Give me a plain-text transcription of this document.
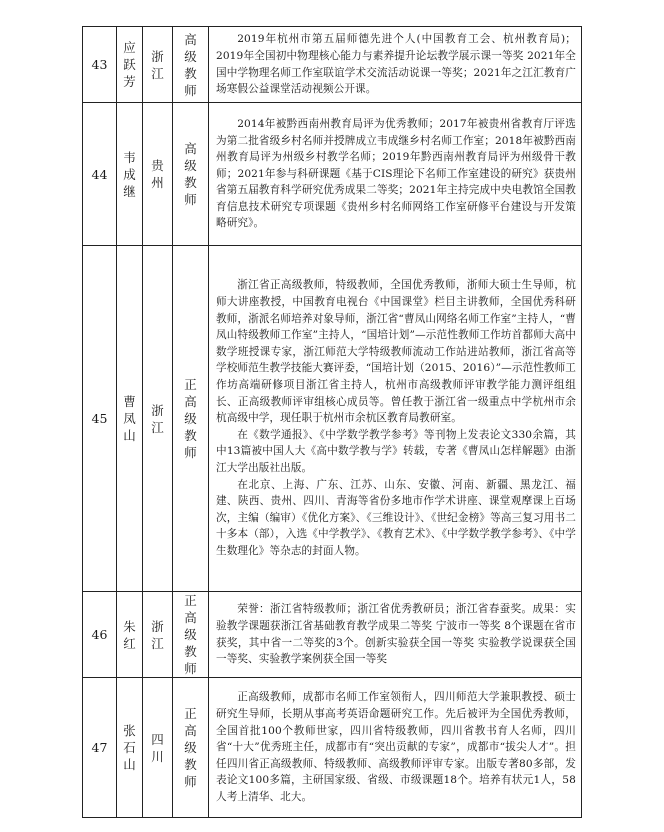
43	应跃芳	浙江	高级教师	2019年杭州市第五届师德先进个人(中国教育工会、杭州教育局)；2019年全国初中物理核心能力与素养提升论坛教学展示课一等奖 2021年全国中学物理名师工作室联谊学术交流活动说课一等奖；2021年之江汇教育广场寒假公益课堂活动视频公开课。

44	韦成继	贵州	高级教师	2014年被黔西南州教育局评为优秀教师；2017年被贵州省教育厅评选为第二批省级乡村名师并授牌成立韦成继乡村名师工作室；2018年被黔西南州教育局评为州级乡村教学名师；2019年黔西南州教育局评为州级骨干教师；2021年参与科研课题《基于CIS理论下名师工作室建设的研究》获贵州省第五届教育科学研究优秀成果二等奖；2021年主持完成中央电教馆全国教育信息技术研究专项课题《贵州乡村名师网络工作室研修平台建设与开发策略研究》。

45	曹凤山	浙江	正高级教师	浙江省正高级教师，特级教师，全国优秀教师，浙师大硕士生导师，杭师大讲座教授，中国教育电视台《中国课堂》栏目主讲教师，全国优秀科研教师，浙派名师培养对象导师，浙江省“曹凤山网络名师工作室”主持人，“曹凤山特级教师工作室”主持人，“国培计划”—示范性教师工作坊首都师大高中数学班授课专家，浙江师范大学特级教师流动工作站进站教师，浙江省高等学校师范生教学技能大赛评委，“国培计划（2015、2016）”—示范性教师工作坊高端研修项目浙江省主持人，杭州市高级教师评审教学能力测评组组长、正高级教师评审组核心成员等。曾任教于浙江省一级重点中学杭州市余杭高级中学，现任职于杭州市余杭区教育局教研室。

在《数学通报》、《中学数学教学参考》等刊物上发表论文330余篇，其中13篇被中国人大《高中数学教与学》转载，专著《曹凤山怎样解题》由浙江大学出版社出版。

在北京、上海、广东、江苏、山东、安徽、河南、新疆、黑龙江、福建、陕西、贵州、四川、青海等省份多地市作学术讲座、课堂观摩课上百场次，主编（编审）《优化方案》、《三维设计》、《世纪金榜》等高三复习用书二十多本（部），入选《中学教学》、《教育艺术》、《中学数学教学参考》、《中学生数理化》等杂志的封面人物。

46	朱红	浙江	正高级教师	荣誉：浙江省特级教师；浙江省优秀教研员；浙江省春蚕奖。成果：实验教学课题获浙江省基础教育教学成果二等奖 宁波市一等奖 8个课题在省市获奖，其中省一二等奖的3个。创新实验获全国一等奖 实验教学说课获全国一等奖、实验教学案例获全国一等奖

47	张石山	四川	正高级教师	正高级教师，成都市名师工作室领衔人，四川师范大学兼职教授、硕士研究生导师，长期从事高考英语命题研究工作。先后被评为全国优秀教师，全国首批100个教师世家，四川省特级教师，四川省教书育人名师，四川省“十大”优秀班主任，成都市有“突出贡献的专家”，成都市“拔尖人才”。担任四川省正高级教师、特级教师、高级教师评审专家。出版专著80多部，发表论文100多篇，主研国家级、省级、市级课题18个。培养有状元1人，58人考上清华、北大。
